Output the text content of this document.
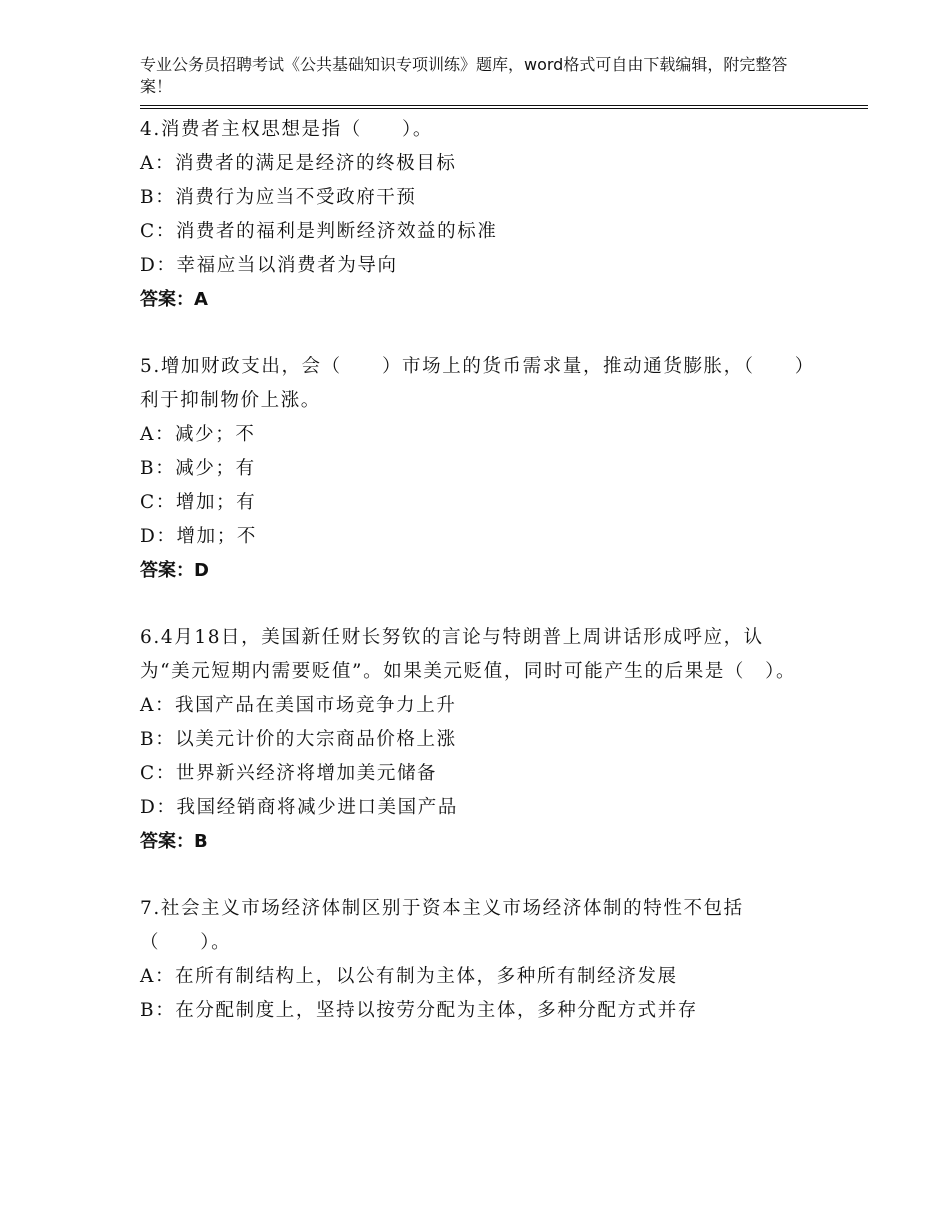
专业公务员招聘考试《公共基础知识专项训练》题库，word格式可自由下载编辑，附完整答案！

4.消费者主权思想是指（　　）。

A：消费者的满足是经济的终极目标

B：消费行为应当不受政府干预

C：消费者的福利是判断经济效益的标准

D：幸福应当以消费者为导向

答案：A

5.增加财政支出，会（　　）市场上的货币需求量，推动通货膨胀，（　　）利于抑制物价上涨。

A：减少；不

B：减少；有

C：增加；有

D：增加；不

答案：D

6.4月18日，美国新任财长努钦的言论与特朗普上周讲话形成呼应，认为“美元短期内需要贬值”。如果美元贬值，同时可能产生的后果是（　）。

A：我国产品在美国市场竞争力上升

B：以美元计价的大宗商品价格上涨

C：世界新兴经济将增加美元储备

D：我国经销商将减少进口美国产品

答案：B

7.社会主义市场经济体制区别于资本主义市场经济体制的特性不包括（　　）。

A：在所有制结构上，以公有制为主体，多种所有制经济发展

B：在分配制度上，坚持以按劳分配为主体，多种分配方式并存
